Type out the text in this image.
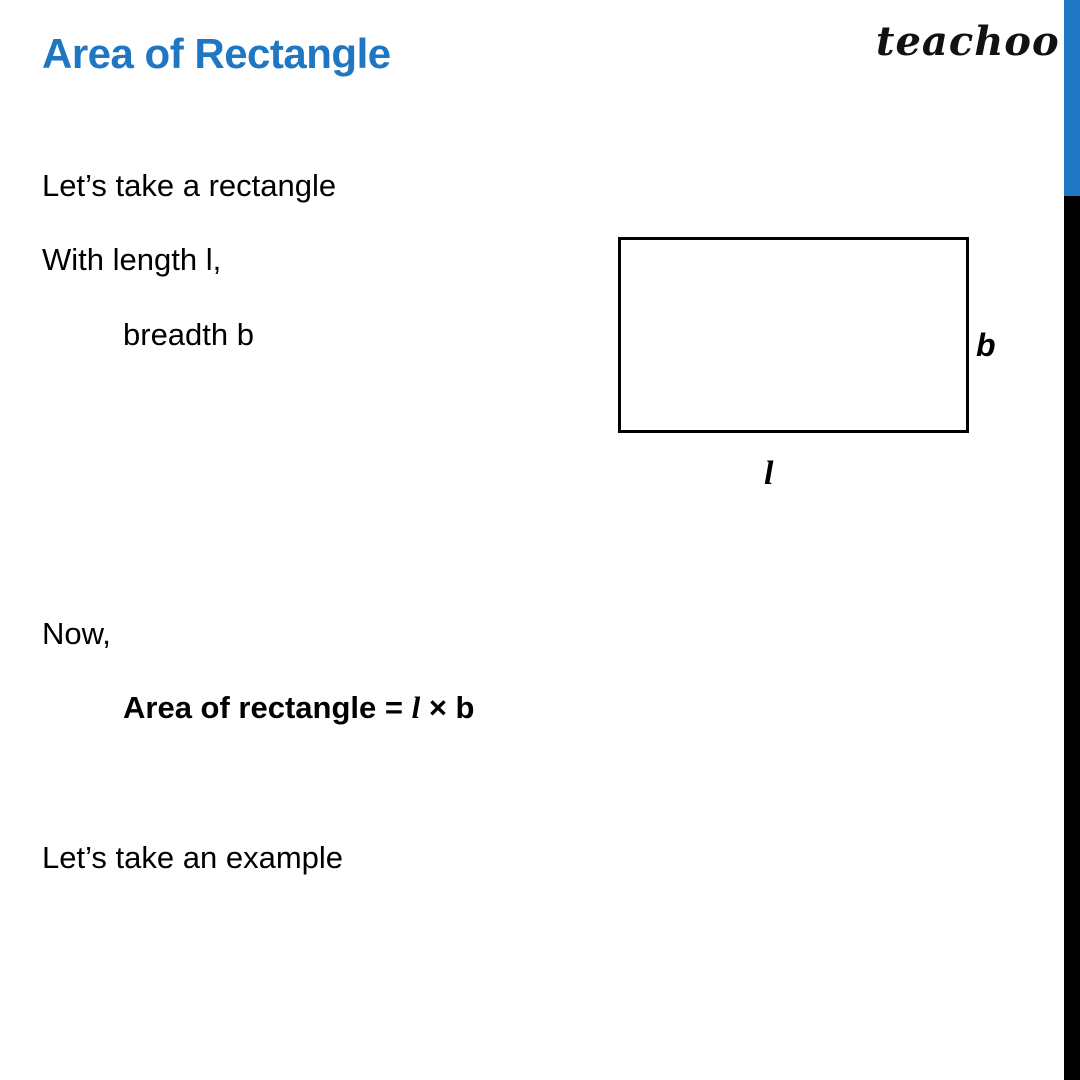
Area of Rectangle	teachoo

Let’s take a rectangle

With length l,

breadth b	b
l

Now,

Area of rectangle = l × b

Let’s take an example
